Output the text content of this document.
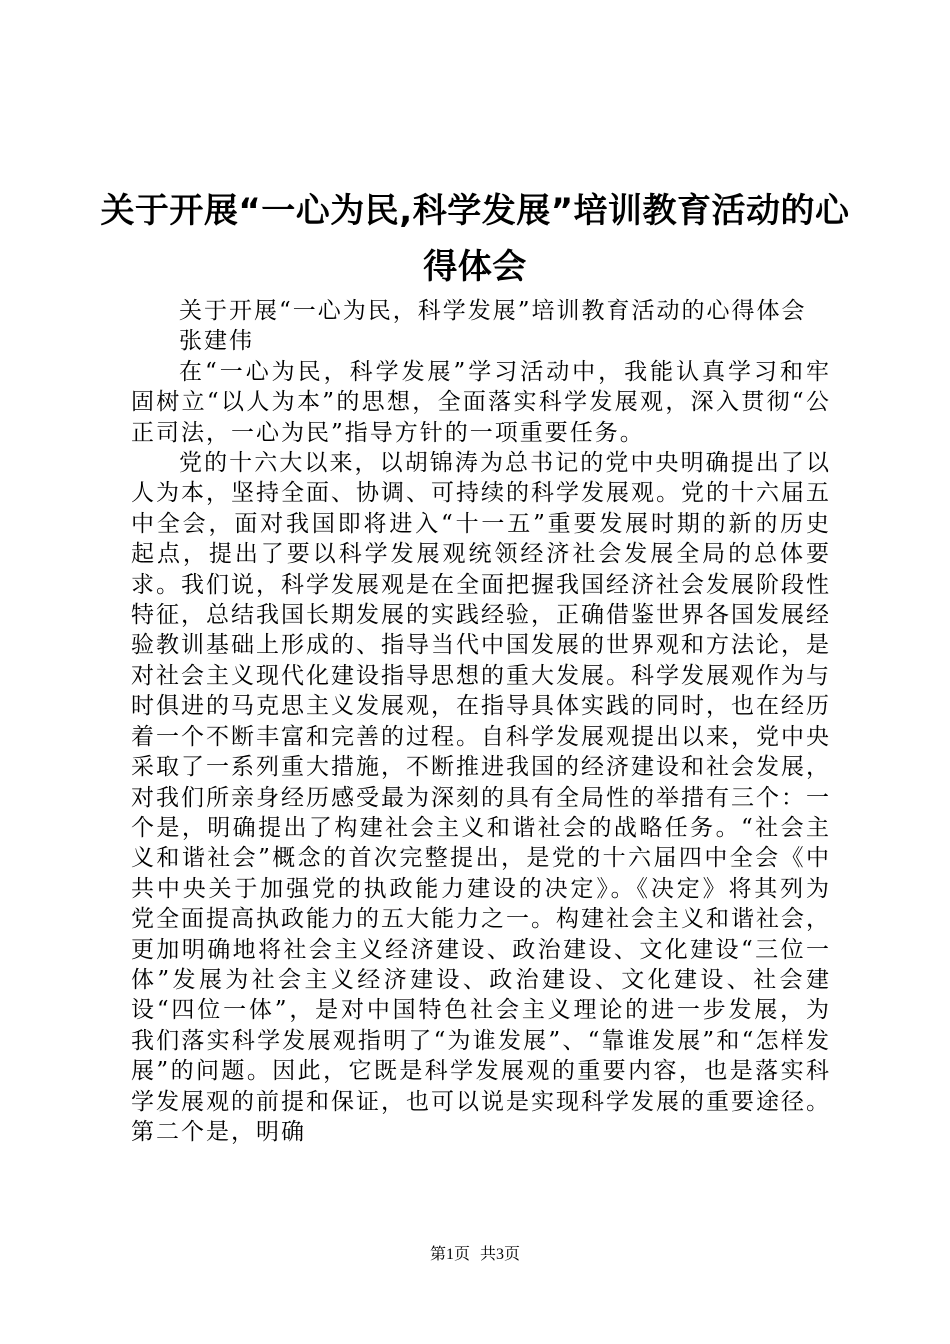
关于开展“一心为民,科学发展”培训教育活动的心得体会

关于开展“一心为民，科学发展”培训教育活动的心得体会

张建伟

在“一心为民，科学发展”学习活动中，我能认真学习和牢固树立“以人为本”的思想，全面落实科学发展观，深入贯彻“公正司法，一心为民”指导方针的一项重要任务。

党的十六大以来，以胡锦涛为总书记的党中央明确提出了以人为本，坚持全面、协调、可持续的科学发展观。党的十六届五中全会，面对我国即将进入“十一五”重要发展时期的新的历史起点，提出了要以科学发展观统领经济社会发展全局的总体要求。我们说，科学发展观是在全面把握我国经济社会发展阶段性特征，总结我国长期发展的实践经验，正确借鉴世界各国发展经验教训基础上形成的、指导当代中国发展的世界观和方法论，是对社会主义现代化建设指导思想的重大发展。科学发展观作为与时俱进的马克思主义发展观，在指导具体实践的同时，也在经历着一个不断丰富和完善的过程。自科学发展观提出以来，党中央采取了一系列重大措施，不断推进我国的经济建设和社会发展，对我们所亲身经历感受最为深刻的具有全局性的举措有三个：一个是，明确提出了构建社会主义和谐社会的战略任务。“社会主义和谐社会”概念的首次完整提出，是党的十六届四中全会《中共中央关于加强党的执政能力建设的决定》。《决定》将其列为党全面提高执政能力的五大能力之一。构建社会主义和谐社会，更加明确地将社会主义经济建设、政治建设、文化建设“三位一体”发展为社会主义经济建设、政治建设、文化建设、社会建设“四位一体”，是对中国特色社会主义理论的进一步发展，为我们落实科学发展观指明了“为谁发展”、“靠谁发展”和“怎样发展”的问题。因此，它既是科学发展观的重要内容，也是落实科学发展观的前提和保证，也可以说是实现科学发展的重要途径。第二个是，明确

第1页 共3页
